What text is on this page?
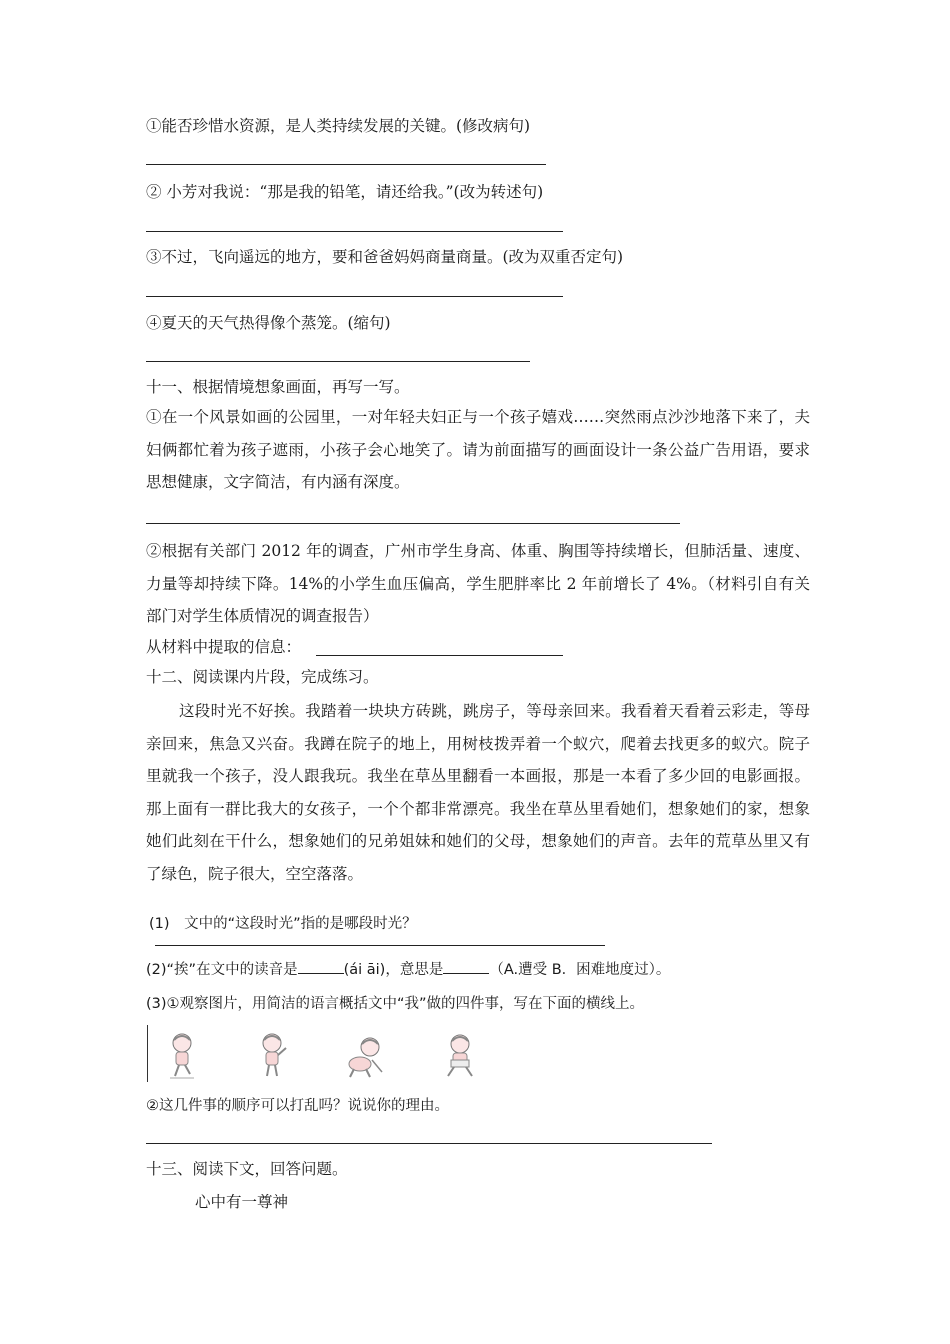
①能否珍惜水资源，是人类持续发展的关键。(修改病句)
② 小芳对我说：“那是我的铅笔，请还给我。”(改为转述句)
③不过，飞向遥远的地方，要和爸爸妈妈商量商量。(改为双重否定句)
④夏天的天气热得像个蒸笼。(缩句)
十一、根据情境想象画面，再写一写。
①在一个风景如画的公园里，一对年轻夫妇正与一个孩子嬉戏……突然雨点沙沙地落下来了，夫妇俩都忙着为孩子遮雨，小孩子会心地笑了。请为前面描写的画面设计一条公益广告用语，要求思想健康，文字简洁，有内涵有深度。
②根据有关部门 2012 年的调查，广州市学生身高、体重、胸围等持续增长，但肺活量、速度、力量等却持续下降。14%的小学生血压偏高，学生肥胖率比 2 年前增长了 4%。（材料引自有关部门对学生体质情况的调查报告）
从材料中提取的信息：
十二、阅读课内片段，完成练习。
这段时光不好挨。我踏着一块块方砖跳，跳房子，等母亲回来。我看着天看着云彩走，等母亲回来，焦急又兴奋。我蹲在院子的地上，用树枝拨弄着一个蚁穴，爬着去找更多的蚁穴。院子里就我一个孩子，没人跟我玩。我坐在草丛里翻看一本画报，那是一本看了多少回的电影画报。那上面有一群比我大的女孩子，一个个都非常漂亮。我坐在草丛里看她们，想象她们的家，想象她们此刻在干什么，想象她们的兄弟姐妹和她们的父母，想象她们的声音。去年的荒草丛里又有了绿色，院子很大，空空落落。
(1) 文中的“这段时光”指的是哪段时光？
(2)“挨”在文中的读音是	(ái āi)，意思是	（A.遭受 B．困难地度过）。
(3)①观察图片，用简洁的语言概括文中“我”做的四件事，写在下面的横线上。
②这几件事的顺序可以打乱吗？说说你的理由。
十三、阅读下文，回答问题。
心中有一尊神
